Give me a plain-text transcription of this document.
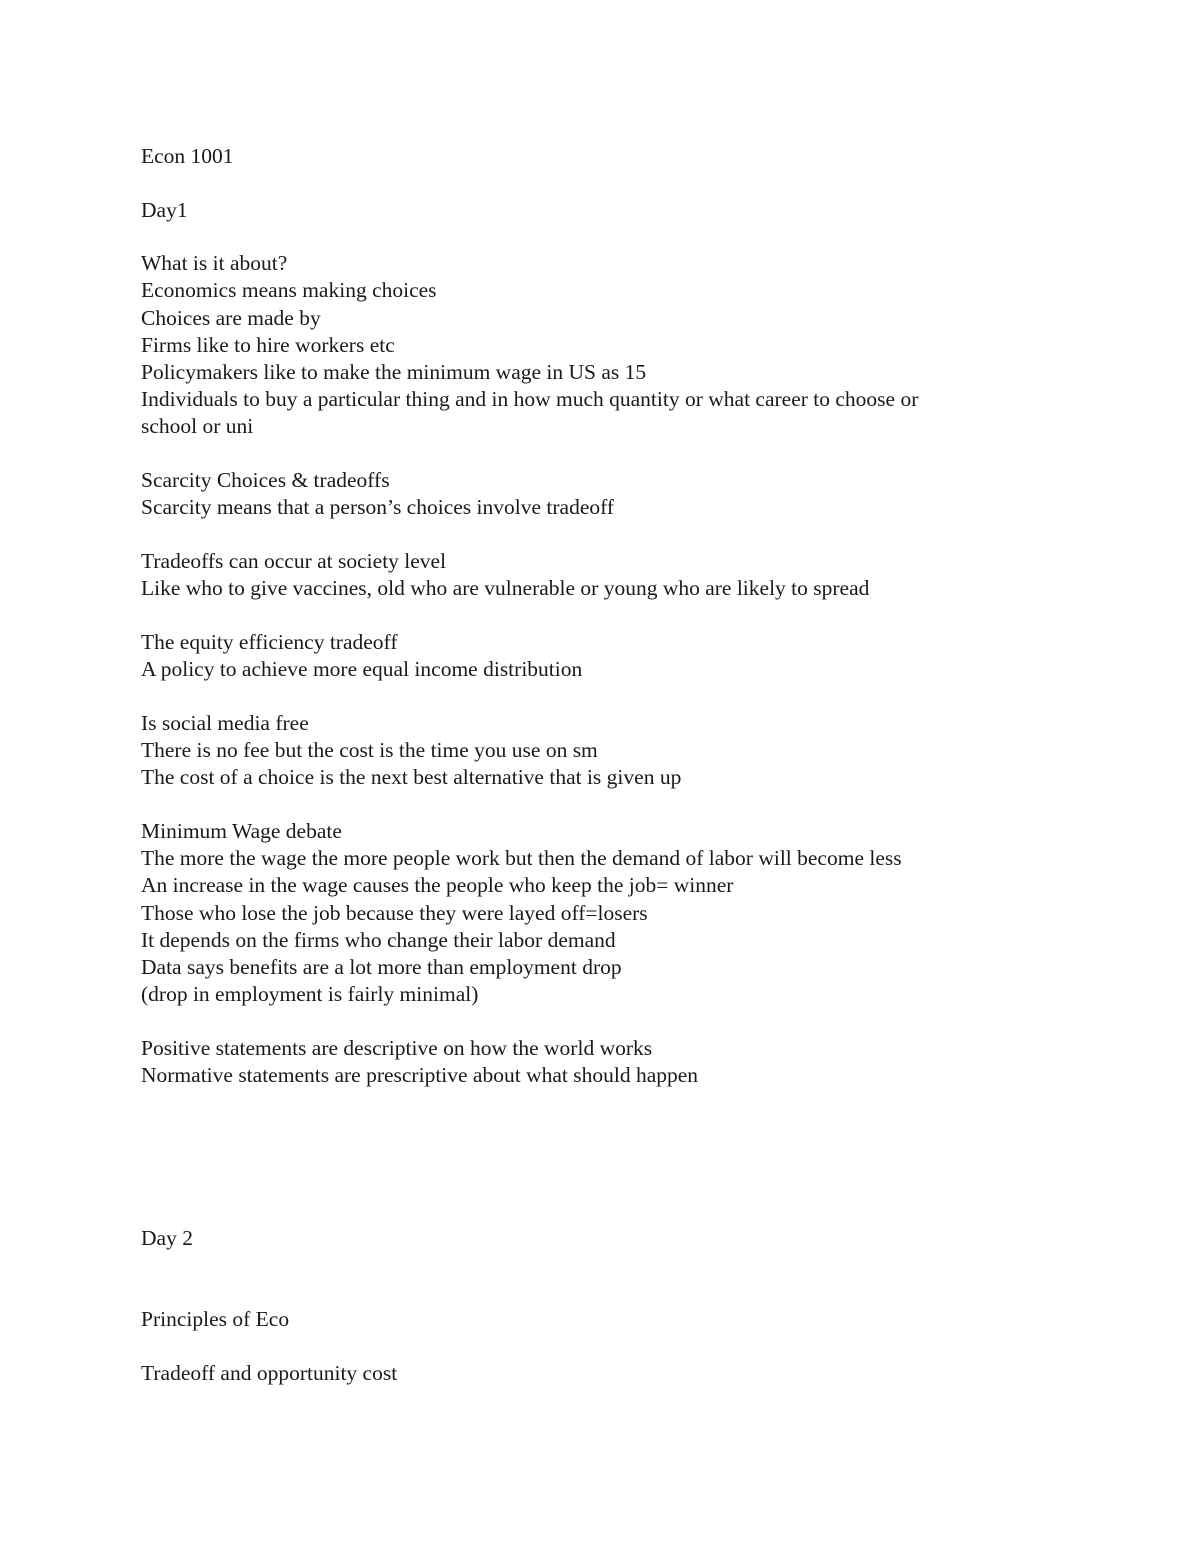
Econ 1001

Day1

What is it about?

Economics means making choices

Choices are made by

Firms like to hire workers etc

Policymakers like to make the minimum wage in US as 15

Individuals to buy a particular thing and in how much quantity or what career to choose or

school or uni

Scarcity Choices & tradeoffs

Scarcity means that a person’s choices involve tradeoff

Tradeoffs can occur at society level

Like who to give vaccines, old who are vulnerable or young who are likely to spread

The equity efficiency tradeoff

A policy to achieve more equal income distribution

Is social media free

There is no fee but the cost is the time you use on sm

The cost of a choice is the next best alternative that is given up

Minimum Wage debate

The more the wage the more people work but then the demand of labor will become less

An increase in the wage causes the people who keep the job= winner

Those who lose the job because they were layed off=losers

It depends on the firms who change their labor demand

Data says benefits are a lot more than employment drop

(drop in employment is fairly minimal)

Positive statements are descriptive on how the world works

Normative statements are prescriptive about what should happen

Day 2

Principles of Eco

Tradeoff and opportunity cost
